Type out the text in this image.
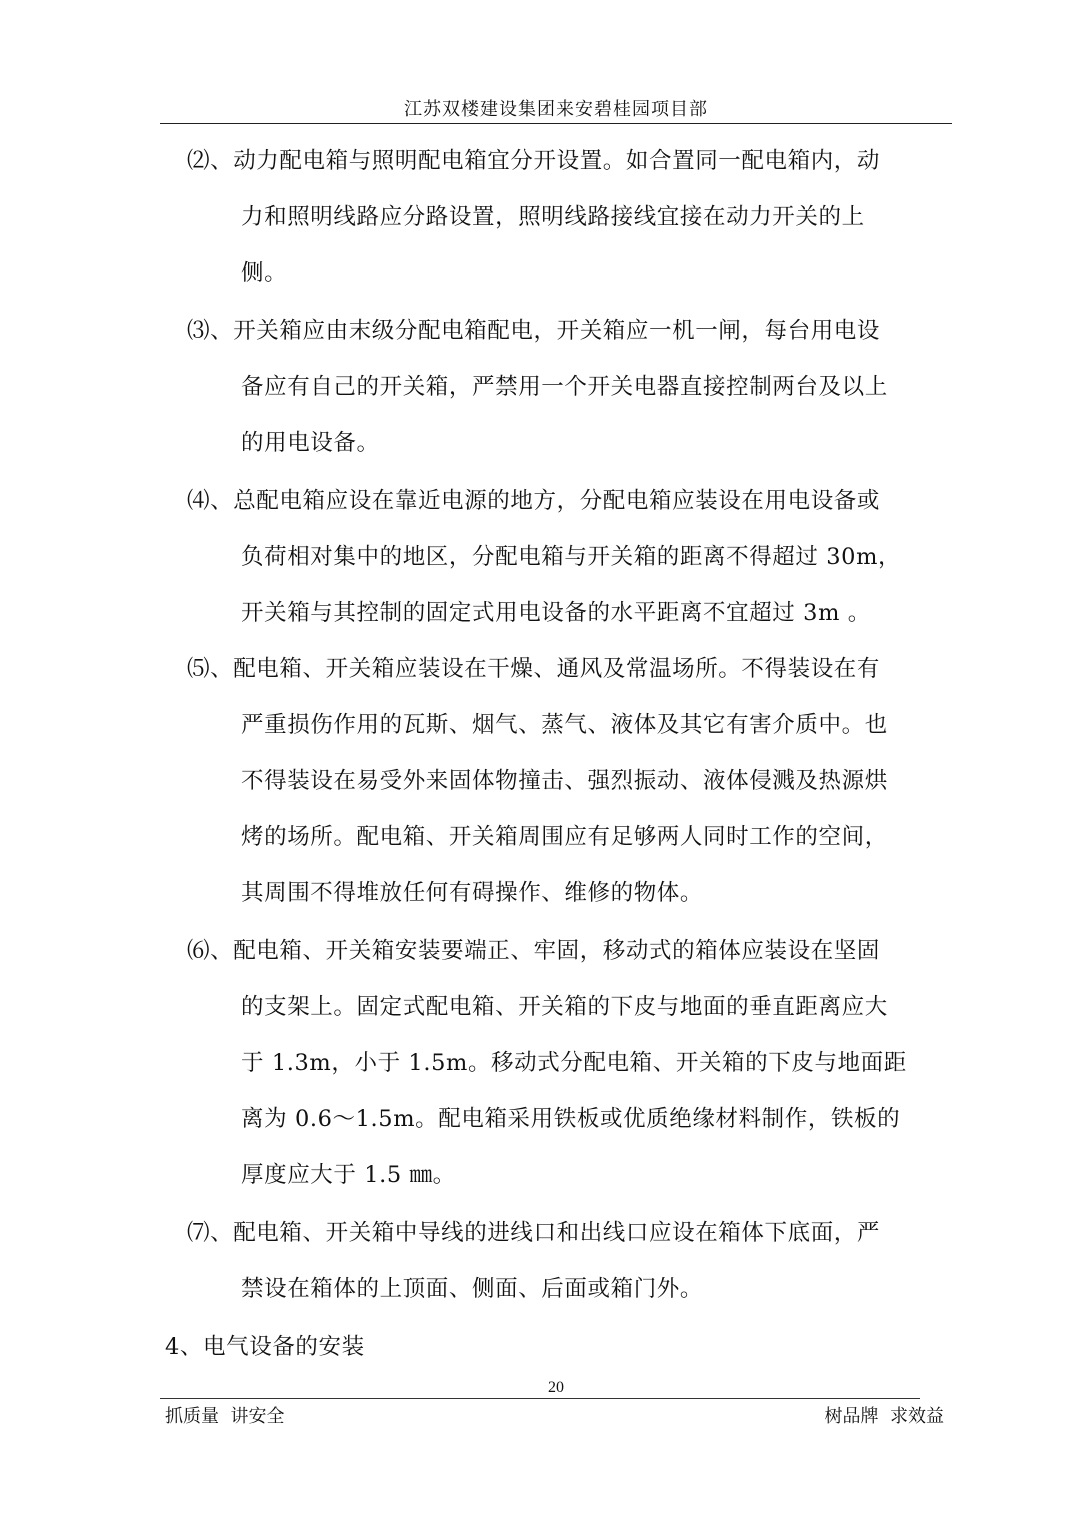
江苏双楼建设集团来安碧桂园项目部
⑵、动力配电箱与照明配电箱宜分开设置。如合置同一配电箱内，动
力和照明线路应分路设置，照明线路接线宜接在动力开关的上
侧。
⑶、开关箱应由末级分配电箱配电，开关箱应一机一闸，每台用电设
备应有自己的开关箱，严禁用一个开关电器直接控制两台及以上
的用电设备。
⑷、总配电箱应设在靠近电源的地方，分配电箱应装设在用电设备或
负荷相对集中的地区，分配电箱与开关箱的距离不得超过 30m，
开关箱与其控制的固定式用电设备的水平距离不宜超过 3m 。
⑸、配电箱、开关箱应装设在干燥、通风及常温场所。不得装设在有
严重损伤作用的瓦斯、烟气、蒸气、液体及其它有害介质中。也
不得装设在易受外来固体物撞击、强烈振动、液体侵溅及热源烘
烤的场所。配电箱、开关箱周围应有足够两人同时工作的空间，
其周围不得堆放任何有碍操作、维修的物体。
⑹、配电箱、开关箱安装要端正、牢固，移动式的箱体应装设在坚固
的支架上。固定式配电箱、开关箱的下皮与地面的垂直距离应大
于 1.3m，小于 1.5m。移动式分配电箱、开关箱的下皮与地面距
离为 0.6～1.5m。配电箱采用铁板或优质绝缘材料制作，铁板的
厚度应大于 1.5 ㎜。
⑺、配电箱、开关箱中导线的进线口和出线口应设在箱体下底面，严
禁设在箱体的上顶面、侧面、后面或箱门外。
4、电气设备的安装
20
抓质量  讲安全	树品牌  求效益
